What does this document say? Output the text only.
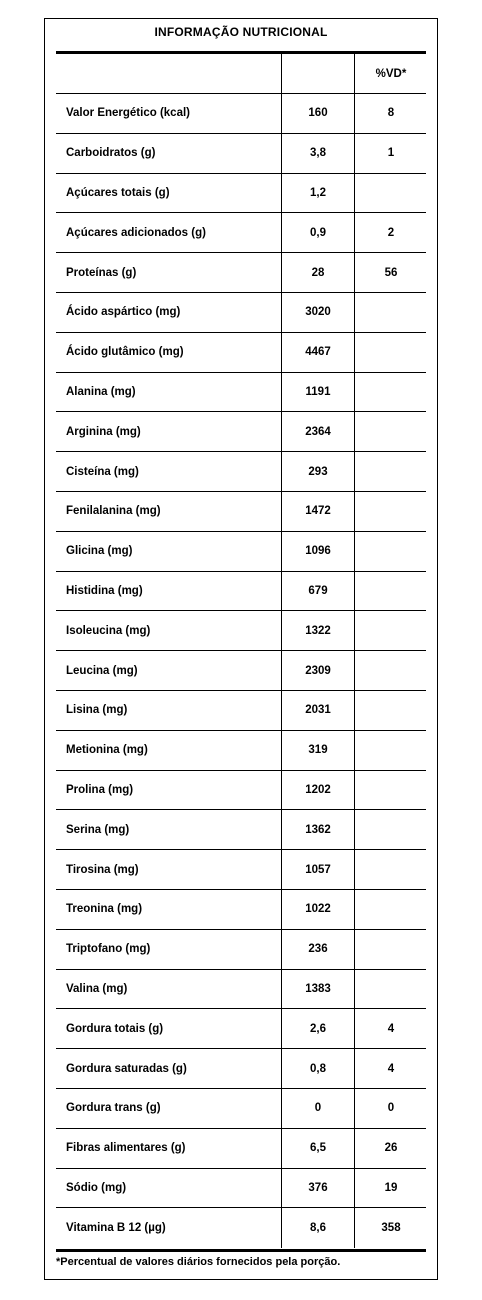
INFORMAÇÃO NUTRICIONAL
%VD*
Valor Energético (kcal)	160	8
Carboidratos (g)	3,8	1
Açúcares totais (g)	1,2
Açúcares adicionados (g)	0,9	2
Proteínas (g)	28	56
Ácido aspártico (mg)	3020
Ácido glutâmico (mg)	4467
Alanina (mg)	1191
Arginina (mg)	2364
Cisteína (mg)	293
Fenilalanina (mg)	1472
Glicina (mg)	1096
Histidina (mg)	679
Isoleucina (mg)	1322
Leucina (mg)	2309
Lisina (mg)	2031
Metionina (mg)	319
Prolina (mg)	1202
Serina (mg)	1362
Tirosina (mg)	1057
Treonina (mg)	1022
Triptofano (mg)	236
Valina (mg)	1383
Gordura totais (g)	2,6	4
Gordura saturadas (g)	0,8	4
Gordura trans (g)	0	0
Fibras alimentares (g)	6,5	26
Sódio (mg)	376	19
Vitamina B 12 (µg)	8,6	358
*Percentual de valores diários fornecidos pela porção.
